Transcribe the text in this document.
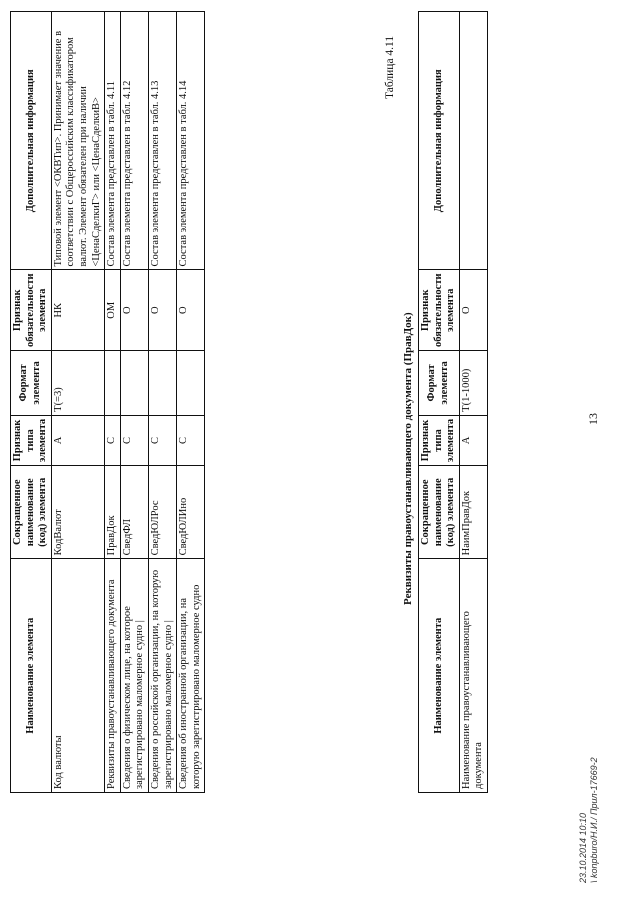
13
Наименование элемента	Сокращенное наименование (код) элемента	Признак типа элемента	Формат элемента	Признак обязательности элемента	Дополнительная информация
Код валюты	КодВалют	А	T(=3)	НК	Типовой элемент <ОКВТип>. Принимает значение в соответствии с Общероссийским классификатором валют. Элемент обязателен при наличии <ЦенаСделкиГ> или <ЦенаСделкиВ>
Реквизиты правоустанавливающего документа	ПравДок	С		ОМ	Состав элемента представлен в табл. 4.11
Сведения о физическом лице, на которое зарегистрировано маломерное судно |	СведФЛ	С		О	Состав элемента представлен в табл. 4.12
Сведения о российской организации, на которую зарегистрировано маломерное судно |	СведЮЛРос	С		О	Состав элемента представлен в табл. 4.13
Сведения об иностранной организации, на которую зарегистрировано маломерное судно	СведЮЛИно	С		О	Состав элемента представлен в табл. 4.14
Таблица 4.11
Реквизиты правоустанавливающего документа (ПравДок)
Наименование элемента	Сокращенное наименование (код) элемента	Признак типа элемента	Формат элемента	Признак обязательности элемента	Дополнительная информация
Наименование правоустанавливающего документа	НаимПравДок	А	T(1-1000)	О	
23.10.2014 10:10 \ konpburo/Н.И./ Прил-17669-2
